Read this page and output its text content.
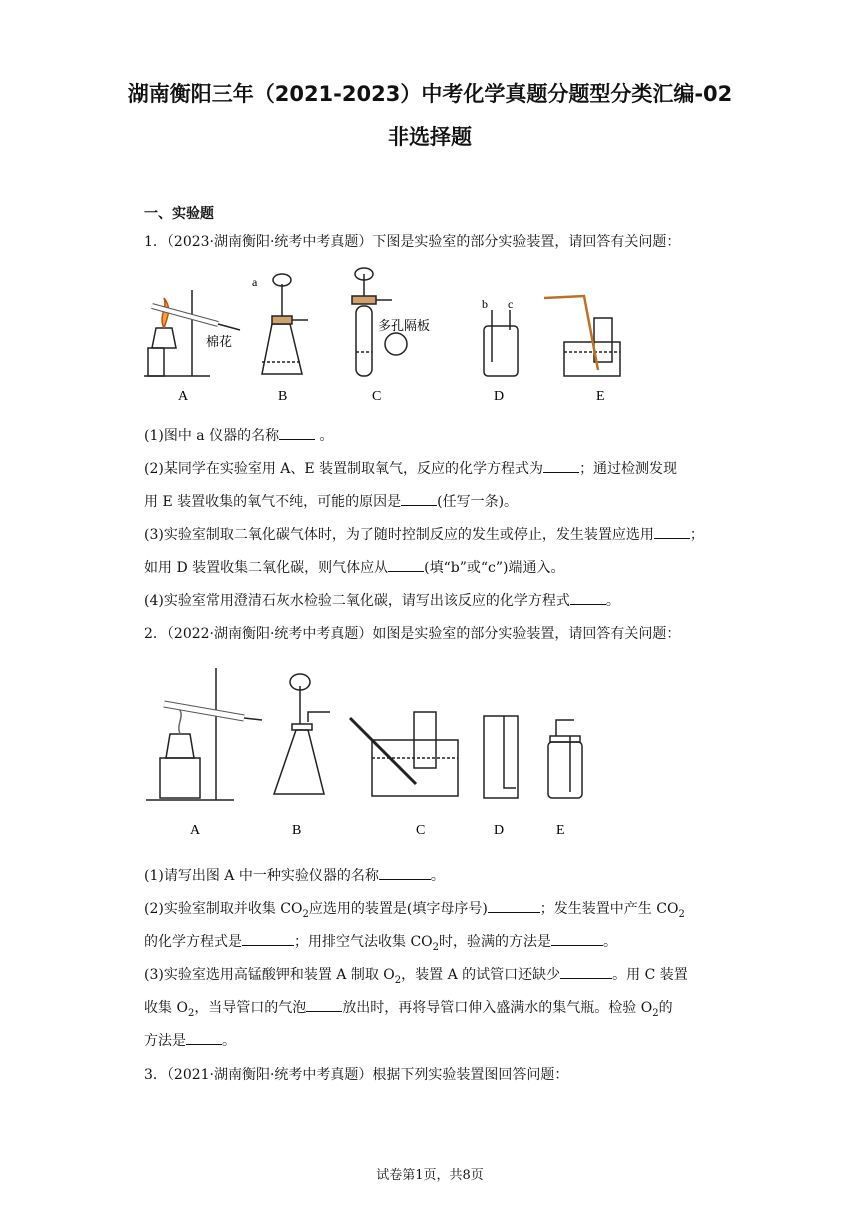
湖南衡阳三年（2021-2023）中考化学真题分题型分类汇编-02
非选择题
一、实验题
1．（2023·湖南衡阳·统考中考真题）下图是实验室的部分实验装置，请回答有关问题：
a
棉花
多孔隔板
b c
A	B	C	D	E
(1)图中 a 仪器的名称	。
(2)某同学在实验室用 A、E 装置制取氧气，反应的化学方程式为	；通过检测发现
用 E 装置收集的氧气不纯，可能的原因是	(任写一条)。
(3)实验室制取二氧化碳气体时，为了随时控制反应的发生或停止，发生装置应选用	；
如用 D 装置收集二氧化碳，则气体应从	(填“b”或“c”)端通入。
(4)实验室常用澄清石灰水检验二氧化碳，请写出该反应的化学方程式	。
2．（2022·湖南衡阳·统考中考真题）如图是实验室的部分实验装置，请回答有关问题：
A	B	C	D	E
(1)请写出图 A 中一种实验仪器的名称	。
(2)实验室制取并收集 $CO_2$应选用的装置是(填字母序号)	；发生装置中产生 $CO_2$
的化学方程式是	；用排空气法收集 $CO_2$时，验满的方法是	。
(3)实验室选用高锰酸钾和装置 A 制取 $O_2$，装置 A 的试管口还缺少	。用 C 装置
收集 $O_2$，当导管口的气泡	放出时，再将导管口伸入盛满水的集气瓶。检验 $O_2$的
方法是	。
3．（2021·湖南衡阳·统考中考真题）根据下列实验装置图回答问题：
试卷第1页，共8页
